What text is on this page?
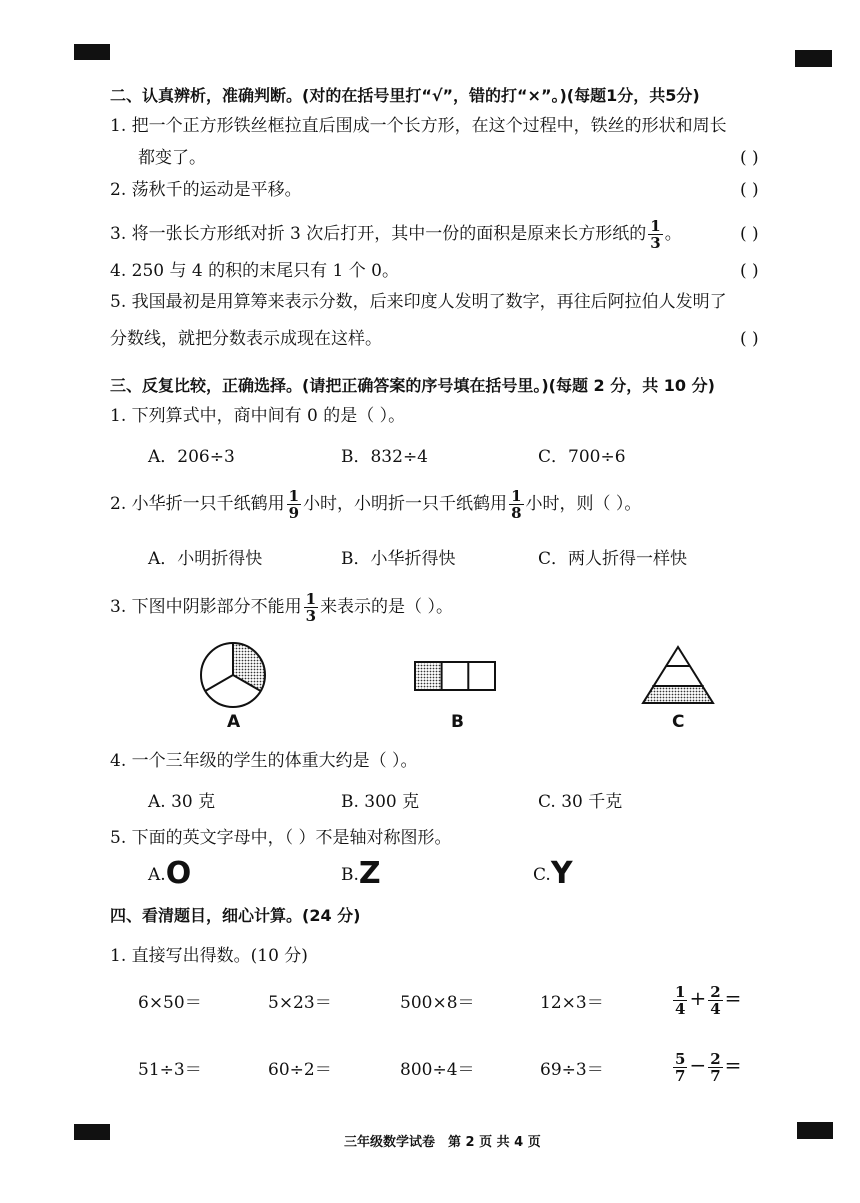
二、认真辨析，准确判断。(对的在括号里打“√”，错的打“×”。)(每题1分，共5分)
1. 把一个正方形铁丝框拉直后围成一个长方形，在这个过程中，铁丝的形状和周长
都变了。	( )
2. 荡秋千的运动是平移。	( )
3. 将一张长方形纸对折 3 次后打开，其中一份的面积是原来长方形纸的 $\frac{1}{3}$ 。	( )
4. 250 与 4 的积的末尾只有 1 个 0。	( )
5. 我国最初是用算筹来表示分数，后来印度人发明了数字，再往后阿拉伯人发明了
分数线，就把分数表示成现在这样。	( )
三、反复比较，正确选择。(请把正确答案的序号填在括号里。)(每题 2 分，共 10 分)
1. 下列算式中，商中间有 0 的是（ ）。
A．206÷3	B．832÷4	C．700÷6
2. 小华折一只千纸鹤用 $\frac{1}{9}$ 小时，小明折一只千纸鹤用 $\frac{1}{8}$ 小时，则（ ）。
A．小明折得快	B．小华折得快	C．两人折得一样快
3. 下图中阴影部分不能用 $\frac{1}{3}$ 来表示的是（ ）。
A	B	C
4. 一个三年级的学生的体重大约是（ ）。
A. 30 克	B. 300 克	C. 30 千克
5. 下面的英文字母中，（ ）不是轴对称图形。
A.O	B.Z	C.Y
四、看清题目，细心计算。(24 分)
1. 直接写出得数。(10 分)
6×50＝	5×23＝	500×8＝	12×3＝	$\frac{1}{4} + \frac{2}{4}$ =
51÷3＝	60÷2＝	800÷4＝	69÷3＝	$\frac{5}{7} - \frac{2}{7}$ =
三年级数学试卷　第 2 页 共 4 页
